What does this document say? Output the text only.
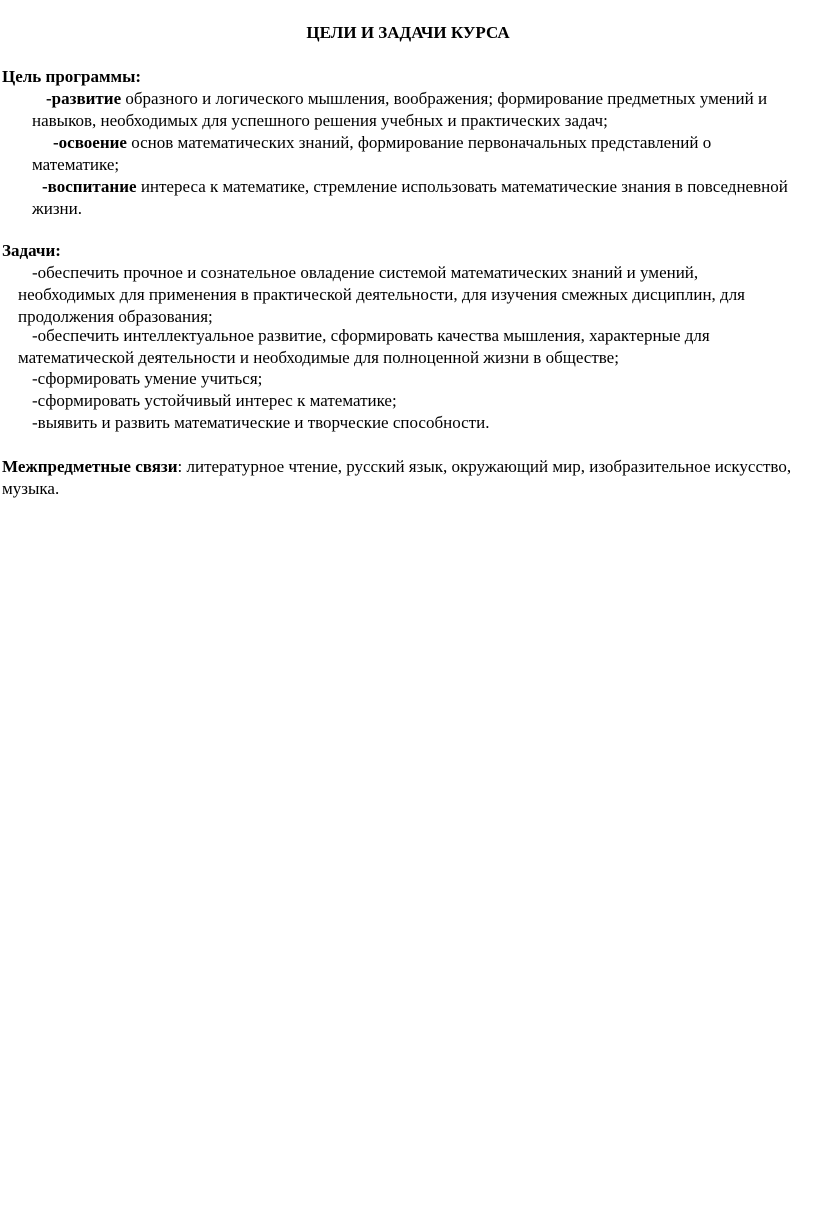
ЦЕЛИ И ЗАДАЧИ КУРСА
Цель программы:

-развитие образного и логического мышления, воображения; формирование предметных умений и навыков, необходимых для успешного решения учебных и практических задач;

-освоение основ математических знаний, формирование первоначальных представлений о математике;

-воспитание интереса к математике, стремление использовать математические знания в повседневной жизни.

Задачи:

-обеспечить прочное и сознательное овладение системой математических знаний и умений, необходимых для применения в практической деятельности, для изучения смежных дисциплин, для продолжения образования;

-обеспечить интеллектуальное развитие, сформировать качества мышления, характерные для математической деятельности и необходимые для полноценной жизни в обществе;

-сформировать умение учиться;

-сформировать устойчивый интерес к математике;

-выявить и развить математические и творческие способности.

Межпредметные связи: литературное чтение, русский язык, окружающий мир, изобразительное искусство, музыка.
